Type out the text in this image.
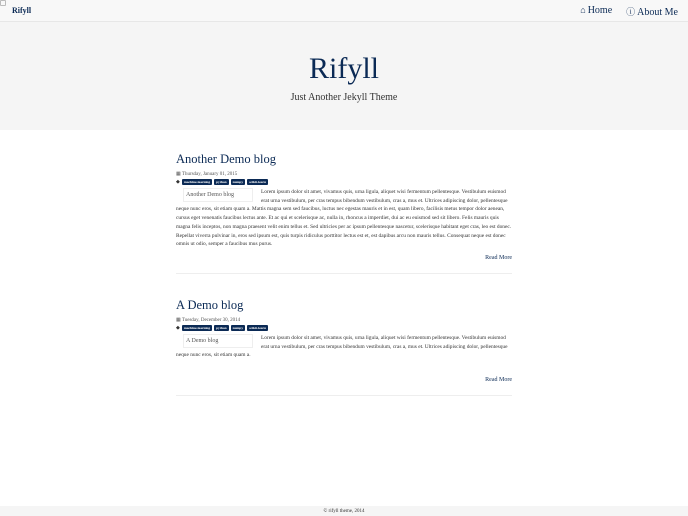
Rifyll	⌂ Home ⓘ About Me
Rifyll

Just Another Jekyll Theme

Another Demo blog
▦ Thursday, January 01, 2015
◆	machine-learning	python	numpy	scikit-learn
Another Demo blog	Lorem ipsum dolor sit amet, vivamus quis, urna ligula, aliquet wisi fermentum pellentesque. Vestibulum euismod erat urna vestibulum, per cras tempus bibendum vestibulum, cras a, mus et. Ultrices adipiscing dolor, pellentesque neque nunc eros, sit etiam quam a. Mattis magna sem sed faucibus, luctus nec egestas mauris et in est, quam libero, facilisis metus tempor dolor aenean, cursus eget venenatis faucibus lectus ante. Et ac qui et scelerisque ac, nulla in, rhoncus a imperdiet, dui ac eu euismod sed sit libero. Felis mauris quis magna felis inceptos, non magna praesent velit enim tellus et. Sed ultricies per ac ipsum pellentesque nascetur, scelerisque habitant eget cras, leo est donec. Repellat viverra pulvinar in, eros sed ipsum est, quis turpis ridiculus porttitor lectus est et, est dapibus arcu non mauris tellus. Consequat neque est donec omnis ut odio, semper a faucibus mus purus.
Read More
A Demo blog
▦ Tuesday, December 30, 2014
◆	machine-learning	python	numpy	scikit-learn
A Demo blog	Lorem ipsum dolor sit amet, vivamus quis, urna ligula, aliquet wisi fermentum pellentesque. Vestibulum euismod erat urna vestibulum, per cras tempus bibendum vestibulum, cras a, mus et. Ultrices adipiscing dolor, pellentesque neque nunc eros, sit etiam quam a.
Read More
© rifyll theme, 2014
